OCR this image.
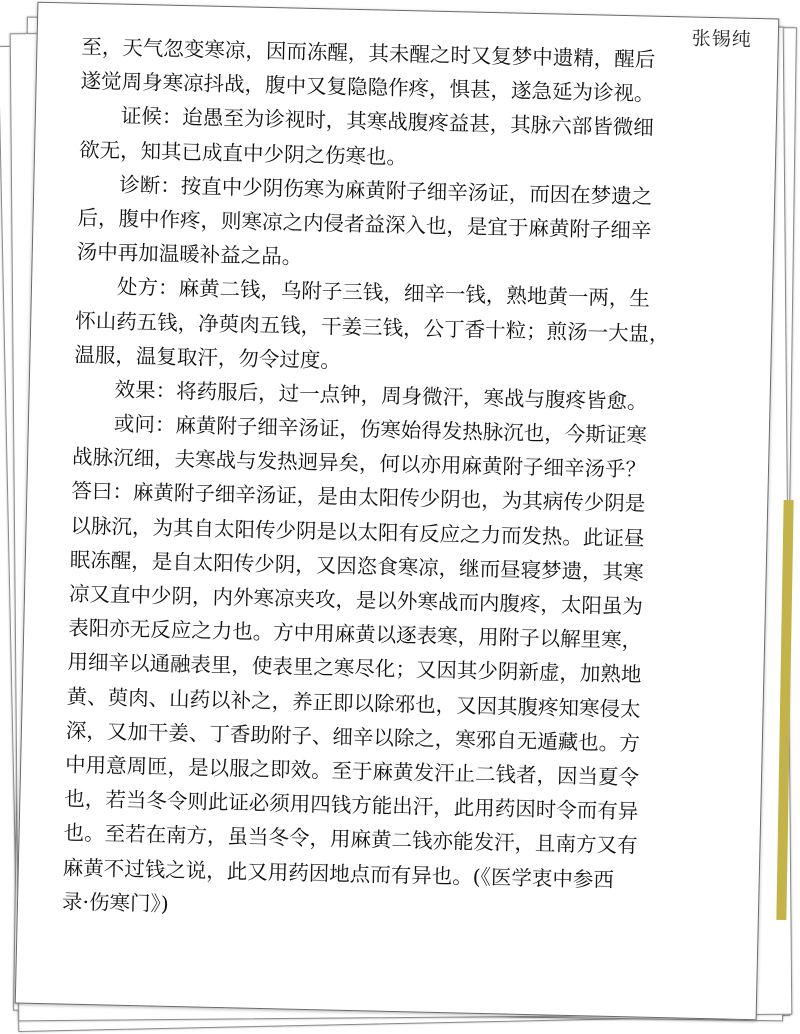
张锡纯
至，天气忽变寒凉，因而冻醒，其未醒之时又复梦中遗精，醒后
遂觉周身寒凉抖战，腹中又复隐隐作疼，惧甚，遂急延为诊视。
证候：迨愚至为诊视时，其寒战腹疼益甚，其脉六部皆微细
欲无，知其已成直中少阴之伤寒也。
诊断：按直中少阴伤寒为麻黄附子细辛汤证，而因在梦遗之
后，腹中作疼，则寒凉之内侵者益深入也，是宜于麻黄附子细辛
汤中再加温暖补益之品。
处方：麻黄二钱，乌附子三钱，细辛一钱，熟地黄一两，生
怀山药五钱，净萸肉五钱，干姜三钱，公丁香十粒；煎汤一大盅，
温服，温复取汗，勿令过度。
效果：将药服后，过一点钟，周身微汗，寒战与腹疼皆愈。
或问：麻黄附子细辛汤证，伤寒始得发热脉沉也，今斯证寒
战脉沉细，夫寒战与发热迥异矣，何以亦用麻黄附子细辛汤乎？
答曰：麻黄附子细辛汤证，是由太阳传少阴也，为其病传少阴是
以脉沉，为其自太阳传少阴是以太阳有反应之力而发热。此证昼
眠冻醒，是自太阳传少阴，又因恣食寒凉，继而昼寝梦遗，其寒
凉又直中少阴，内外寒凉夹攻，是以外寒战而内腹疼，太阳虽为
表阳亦无反应之力也。方中用麻黄以逐表寒，用附子以解里寒，
用细辛以通融表里，使表里之寒尽化；又因其少阴新虚，加熟地
黄、萸肉、山药以补之，养正即以除邪也，又因其腹疼知寒侵太
深，又加干姜、丁香助附子、细辛以除之，寒邪自无遁藏也。方
中用意周匝，是以服之即效。至于麻黄发汗止二钱者，因当夏令
也，若当冬令则此证必须用四钱方能出汗，此用药因时令而有异
也。至若在南方，虽当冬令，用麻黄二钱亦能发汗，且南方又有
麻黄不过钱之说，此又用药因地点而有异也。(《医学衷中参西
录·伤寒门》)
